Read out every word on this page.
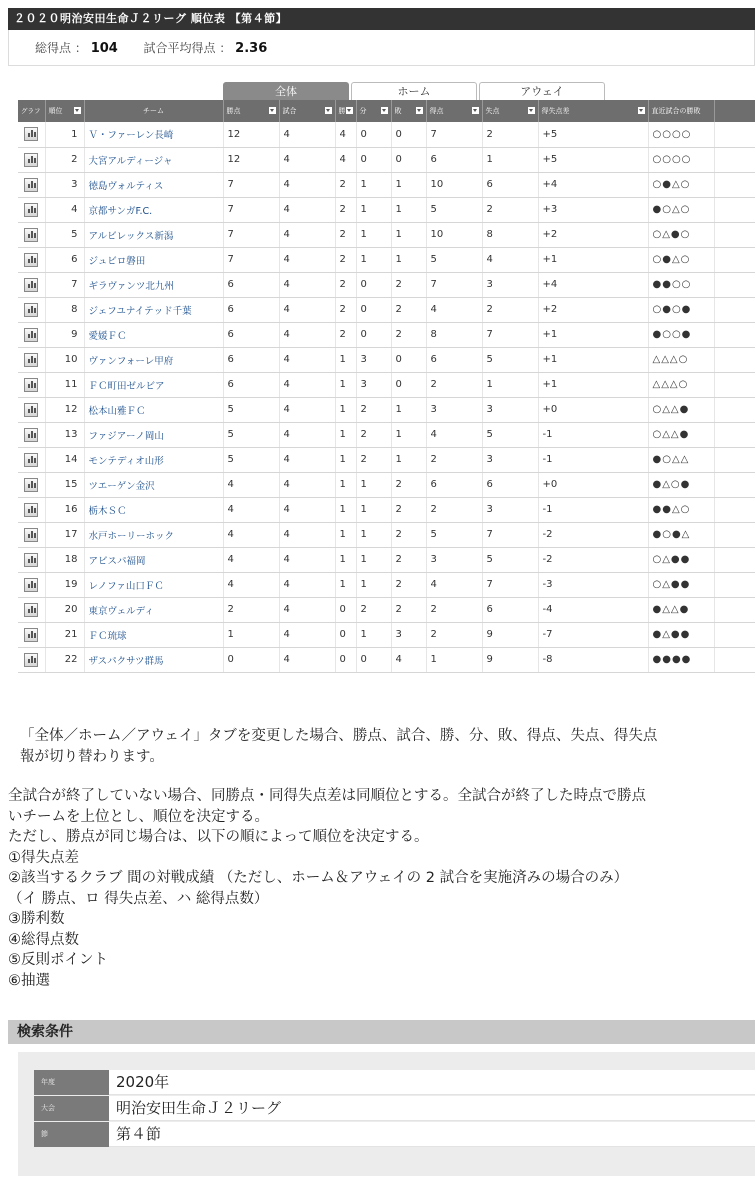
２０２０明治安田生命Ｊ２リーグ 順位表 【第４節】
総得点 ： 104 試合平均得点 ： 2.36
全体	ホーム	アウェイ
グラフ	順位	チーム	勝点	試合	勝	分	敗	得点	失点	得失点差	直近試合の勝敗	

	1	Ｖ・ファーレン長崎	12	4	4	0	0	7	2	+5	○○○○	

	2	大宮アルディージャ	12	4	4	0	0	6	1	+5	○○○○	

	3	徳島ヴォルティス	7	4	2	1	1	10	6	+4	○●△○	

	4	京都サンガF.C.	7	4	2	1	1	5	2	+3	●○△○	

	5	アルビレックス新潟	7	4	2	1	1	10	8	+2	○△●○	

	6	ジュビロ磐田	7	4	2	1	1	5	4	+1	○●△○	

	7	ギラヴァンツ北九州	6	4	2	0	2	7	3	+4	●●○○	

	8	ジェフユナイテッド千葉	6	4	2	0	2	4	2	+2	○●○●	

	9	愛媛ＦＣ	6	4	2	0	2	8	7	+1	●○○●	

	10	ヴァンフォーレ甲府	6	4	1	3	0	6	5	+1	△△△○	

	11	ＦＣ町田ゼルビア	6	4	1	3	0	2	1	+1	△△△○	

	12	松本山雅ＦＣ	5	4	1	2	1	3	3	+0	○△△●	

	13	ファジアーノ岡山	5	4	1	2	1	4	5	-1	○△△●	

	14	モンテディオ山形	5	4	1	2	1	2	3	-1	●○△△	

	15	ツエーゲン金沢	4	4	1	1	2	6	6	+0	●△○●	

	16	栃木ＳＣ	4	4	1	1	2	2	3	-1	●●△○	

	17	水戸ホーリーホック	4	4	1	1	2	5	7	-2	●○●△	

	18	アビスパ福岡	4	4	1	1	2	3	5	-2	○△●●	

	19	レノファ山口ＦＣ	4	4	1	1	2	4	7	-3	○△●●	

	20	東京ヴェルディ	2	4	0	2	2	2	6	-4	●△△●	

	21	ＦＣ琉球	1	4	0	1	3	2	9	-7	●△●●	

	22	ザスパクサツ群馬	0	4	0	0	4	1	9	-8	●●●●	
「全体／ホーム／アウェイ」タブを変更した場合、勝点、試合、勝、分、敗、得点、失点、得失点
報が切り替わります。
全試合が終了していない場合、同勝点・同得失点差は同順位とする。全試合が終了した時点で勝点
いチームを上位とし、順位を決定する。
ただし、勝点が同じ場合は、以下の順によって順位を決定する。
①得失点差
②該当するクラブ 間の対戦成績 （ただし、ホーム＆アウェイの 2 試合を実施済みの場合のみ）
（イ 勝点、ロ 得失点差、ハ 総得点数）
③勝利数
④総得点数
⑤反則ポイント
⑥抽選
検索条件
年度	2020年
大会	明治安田生命Ｊ２リーグ
節	第４節
